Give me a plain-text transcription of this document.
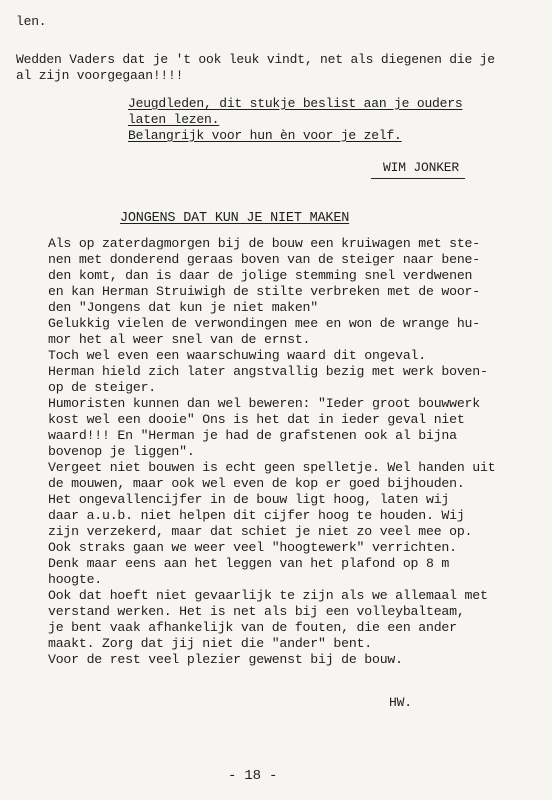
len.
Wedden Vaders dat je 't ook leuk vindt, net als diegenen die je
al zijn voorgegaan!!!!
Jeugdleden, dit stukje beslist aan je ouders
laten lezen.
Belangrijk voor hun èn voor je zelf.
WIM JONKER
JONGENS DAT KUN JE NIET MAKEN
Als op zaterdagmorgen bij de bouw een kruiwagen met ste-
nen met donderend geraas boven van de steiger naar bene-
den komt, dan is daar de jolige stemming snel verdwenen
en kan Herman Struiwigh de stilte verbreken met de woor-
den "Jongens dat kun je niet maken"
Gelukkig vielen de verwondingen mee en won de wrange hu-
mor het al weer snel van de ernst.
Toch wel even een waarschuwing waard dit ongeval.
Herman hield zich later angstvallig bezig met werk boven-
op de steiger.
Humoristen kunnen dan wel beweren: "Ieder groot bouwwerk
kost wel een dooie" Ons is het dat in ieder geval niet
waard!!! En "Herman je had de grafstenen ook al bijna
bovenop je liggen".
Vergeet niet bouwen is echt geen spelletje. Wel handen uit
de mouwen, maar ook wel even de kop er goed bijhouden.
Het ongevallencijfer in de bouw ligt hoog, laten wij
daar a.u.b. niet helpen dit cijfer hoog te houden. Wij
zijn verzekerd, maar dat schiet je niet zo veel mee op.
Ook straks gaan we weer veel "hoogtewerk" verrichten.
Denk maar eens aan het leggen van het plafond op 8 m
hoogte.
Ook dat hoeft niet gevaarlijk te zijn als we allemaal met
verstand werken. Het is net als bij een volleybalteam,
je bent vaak afhankelijk van de fouten, die een ander
maakt. Zorg dat jij niet die "ander" bent.
Voor de rest veel plezier gewenst bij de bouw.
HW.
- 18 -
